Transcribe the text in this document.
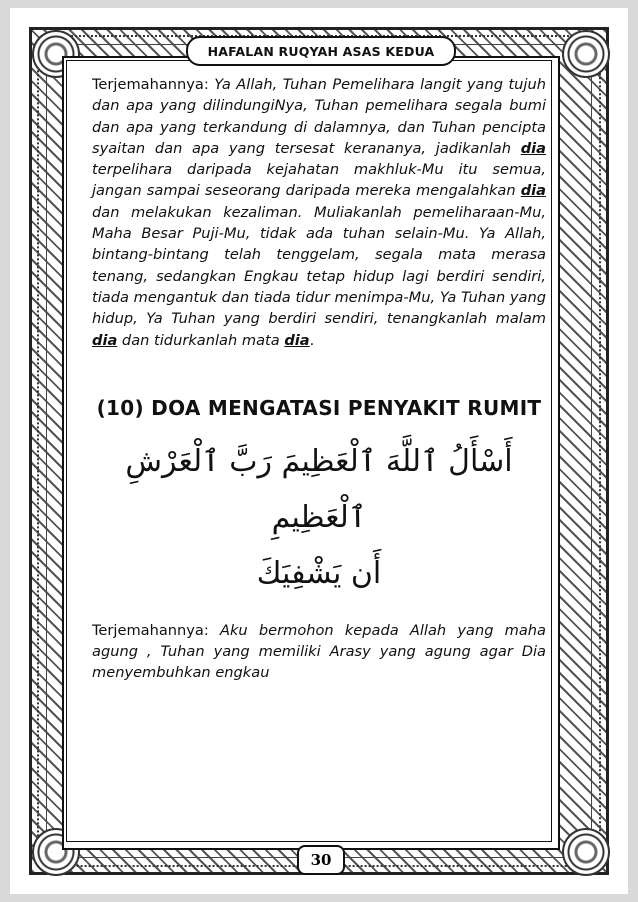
HAFALAN RUQYAH ASAS KEDUA

Terjemahannya: Ya Allah, Tuhan Pemelihara langit yang tujuh dan apa yang dilindungiNya, Tuhan pemelihara segala bumi dan apa yang terkandung di dalamnya, dan Tuhan pencipta syaitan dan apa yang tersesat kerananya, jadikanlah dia terpelihara daripada kejahatan makhluk-Mu itu semua, jangan sampai seseorang daripada mereka mengalahkan dia dan melakukan kezaliman. Muliakanlah pemeliharaan-Mu, Maha Besar Puji-Mu, tidak ada tuhan selain-Mu. Ya Allah, bintang-bintang telah tenggelam, segala mata merasa tenang, sedangkan Engkau tetap hidup lagi berdiri sendiri, tiada mengantuk dan tiada tidur menimpa-Mu, Ya Tuhan yang hidup, Ya Tuhan yang berdiri sendiri, tenangkanlah malam dia dan tidurkanlah mata dia.

(10) DOA MENGATASI PENYAKIT RUMIT
أَسْأَلُ ٱللَّهَ ٱلْعَظِيمَ رَبَّ ٱلْعَرْشِ ٱلْعَظِيمِ
أَن يَشْفِيَكَ

Terjemahannya: Aku bermohon kepada Allah yang maha agung , Tuhan yang memiliki Arasy yang agung agar Dia menyembuhkan engkau

30
